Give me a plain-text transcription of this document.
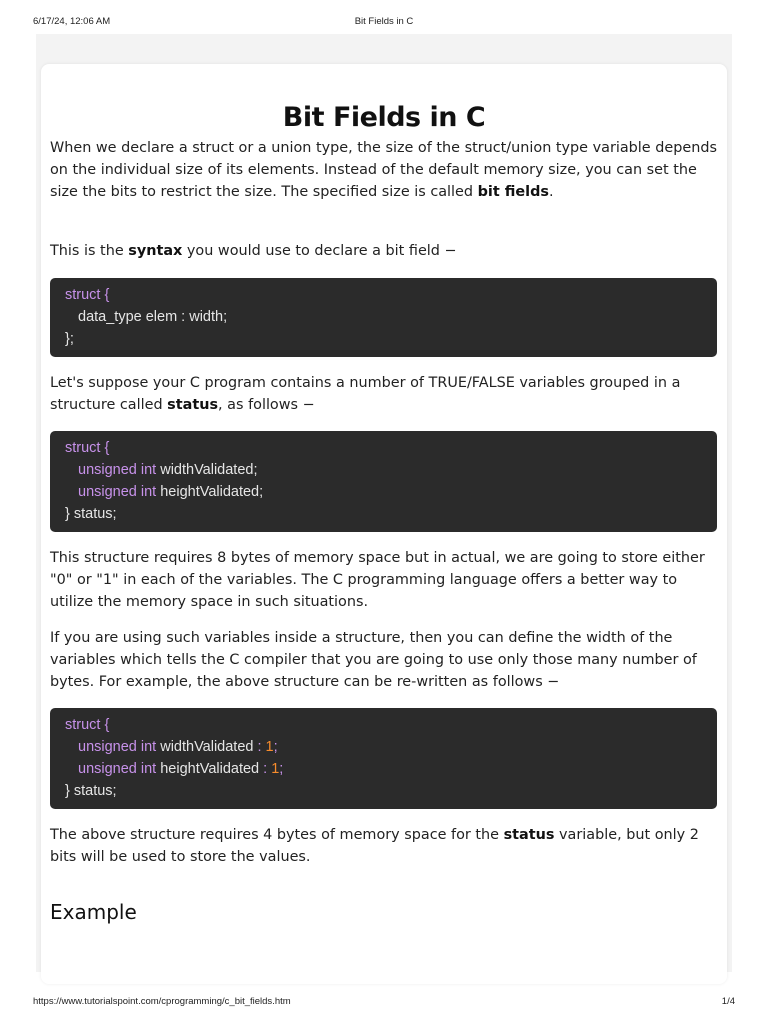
6/17/24, 12:06 AM	Bit Fields in C
Bit Fields in C

When we declare a struct or a union type, the size of the struct/union type variable depends on the individual size of its elements. Instead of the default memory size, you can set the size the bits to restrict the size. The specified size is called bit fields.

This is the syntax you would use to declare a bit field −

struct {
data_type elem : width;
};

Let's suppose your C program contains a number of TRUE/FALSE variables grouped in a structure called status, as follows −

struct {
unsigned int widthValidated;
unsigned int heightValidated;
} status;

This structure requires 8 bytes of memory space but in actual, we are going to store either "0" or "1" in each of the variables. The C programming language offers a better way to utilize the memory space in such situations.

If you are using such variables inside a structure, then you can define the width of the variables which tells the C compiler that you are going to use only those many number of bytes. For example, the above structure can be re-written as follows −

struct {
unsigned int widthValidated : 1;
unsigned int heightValidated : 1;
} status;

The above structure requires 4 bytes of memory space for the status variable, but only 2 bits will be used to store the values.

Example
https://www.tutorialspoint.com/cprogramming/c_bit_fields.htm	1/4
